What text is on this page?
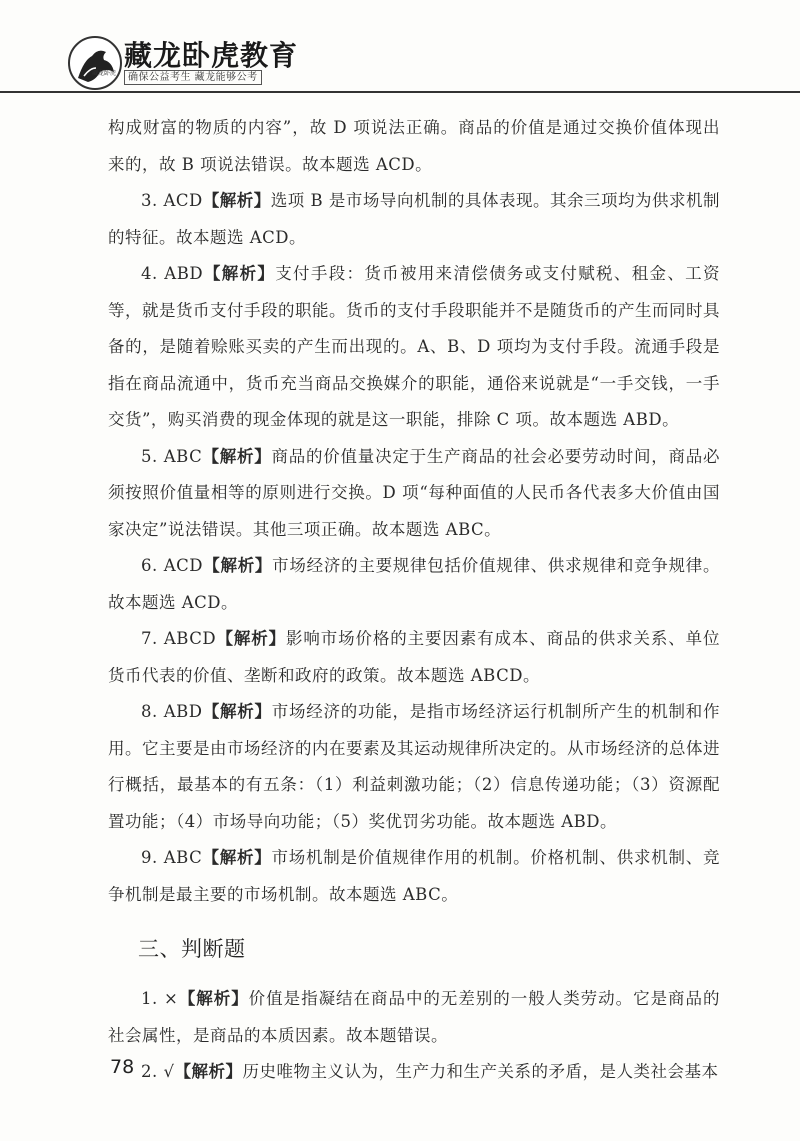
藏龙卧虎
藏龙卧虎教育
确保公益考生 藏龙能够公考

构成财富的物质的内容”，故 D 项说法正确。商品的价值是通过交换价值体现出来的，故 B 项说法错误。故本题选 ACD。

3. ACD【解析】选项 B 是市场导向机制的具体表现。其余三项均为供求机制的特征。故本题选 ACD。

4. ABD【解析】支付手段：货币被用来清偿债务或支付赋税、租金、工资等，就是货币支付手段的职能。货币的支付手段职能并不是随货币的产生而同时具备的，是随着赊账买卖的产生而出现的。A、B、D 项均为支付手段。流通手段是指在商品流通中，货币充当商品交换媒介的职能，通俗来说就是“一手交钱，一手交货”，购买消费的现金体现的就是这一职能，排除 C 项。故本题选 ABD。

5. ABC【解析】商品的价值量决定于生产商品的社会必要劳动时间，商品必须按照价值量相等的原则进行交换。D 项“每种面值的人民币各代表多大价值由国家决定”说法错误。其他三项正确。故本题选 ABC。

6. ACD【解析】市场经济的主要规律包括价值规律、供求规律和竞争规律。故本题选 ACD。

7. ABCD【解析】影响市场价格的主要因素有成本、商品的供求关系、单位货币代表的价值、垄断和政府的政策。故本题选 ABCD。

8. ABD【解析】市场经济的功能，是指市场经济运行机制所产生的机制和作用。它主要是由市场经济的内在要素及其运动规律所决定的。从市场经济的总体进行概括，最基本的有五条：（1）利益刺激功能；（2）信息传递功能；（3）资源配置功能；（4）市场导向功能；（5）奖优罚劣功能。故本题选 ABD。

9. ABC【解析】市场机制是价值规律作用的机制。价格机制、供求机制、竞争机制是最主要的市场机制。故本题选 ABC。

三、判断题

1. ×【解析】价值是指凝结在商品中的无差别的一般人类劳动。它是商品的社会属性，是商品的本质因素。故本题错误。

2. √【解析】历史唯物主义认为，生产力和生产关系的矛盾，是人类社会基本

78
